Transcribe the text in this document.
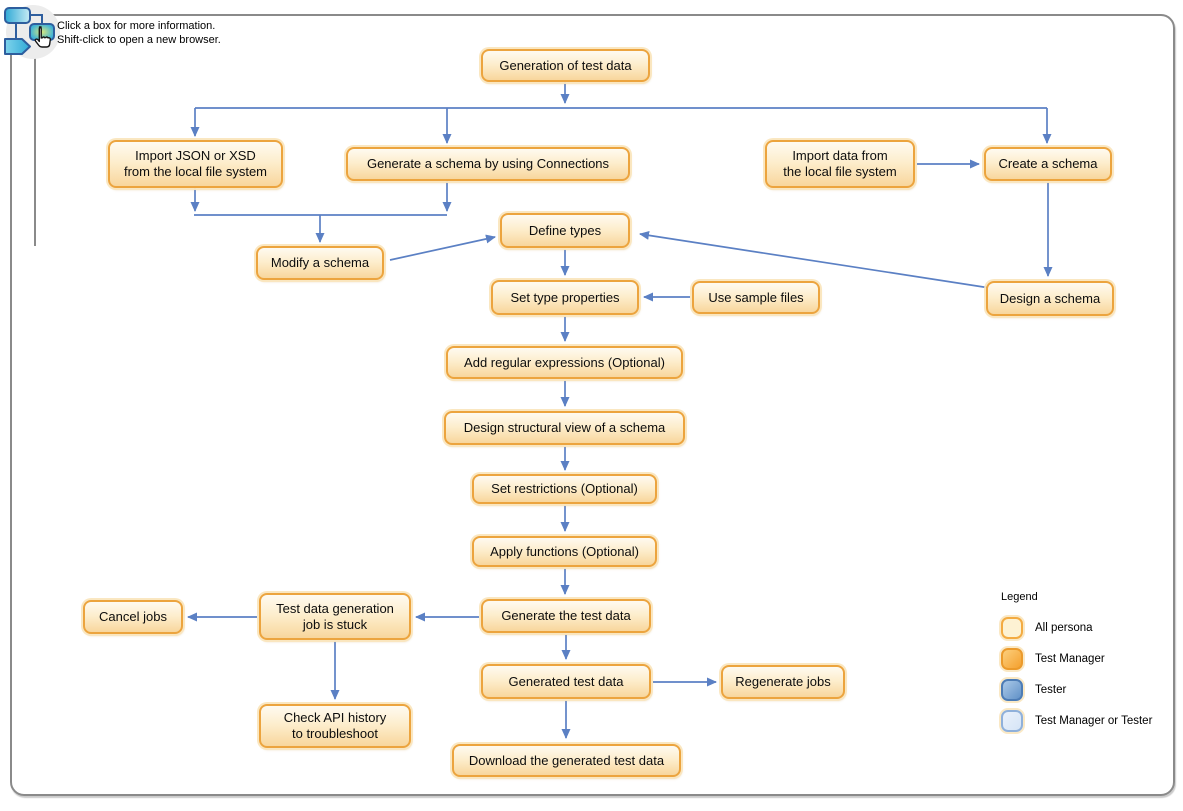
Click a box for more information.
Shift-click to open a new browser.
Generation of test data
Import JSON or XSD
from the local file system
Generate a schema by using Connections
Import data from
the local file system
Create a schema
Define types
Modify a schema
Set type properties	Use sample files	Design a schema
Add regular expressions (Optional)
Design structural view of a schema
Set restrictions (Optional)
Apply functions (Optional)
Generate the test data
Test data generation
job is stuck
Cancel jobs
Check API history
to troubleshoot
Generated test data	Regenerate jobs
Download the generated test data
Legend
All persona
Test Manager
Tester
Test Manager or Tester
